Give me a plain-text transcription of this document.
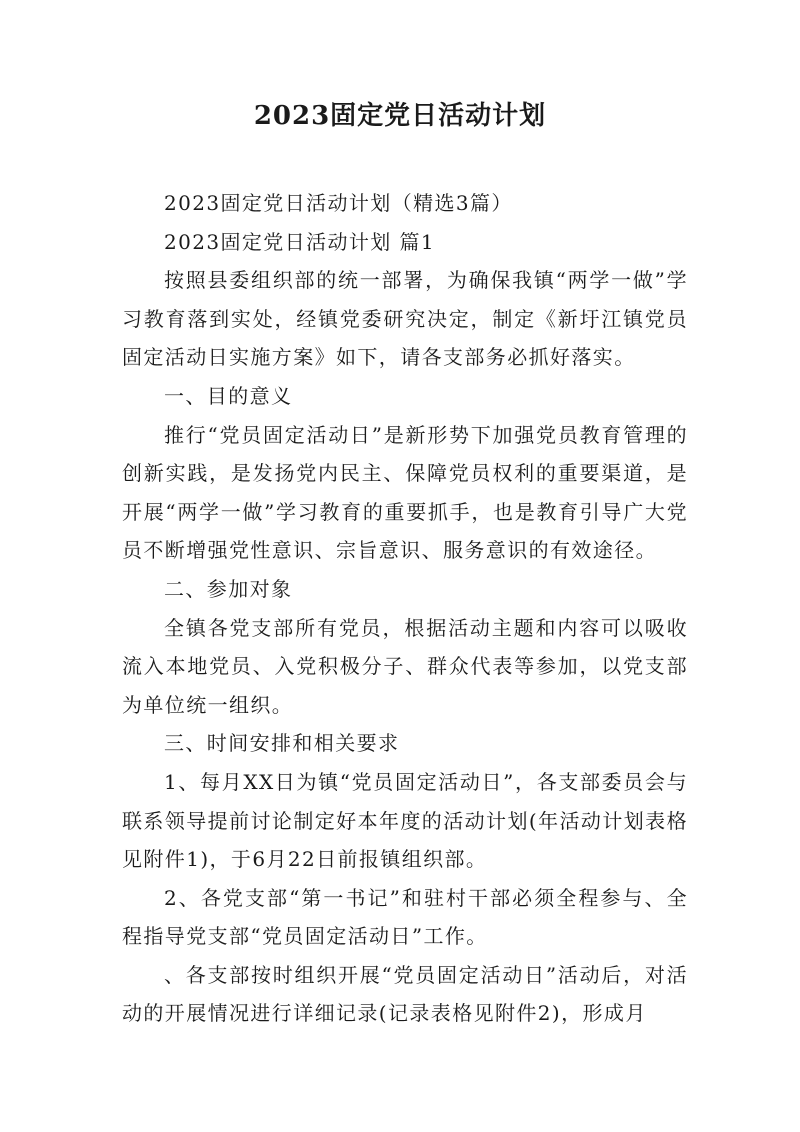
2023固定党日活动计划

2023固定党日活动计划（精选3篇）

2023固定党日活动计划 篇1

按照县委组织部的统一部署，为确保我镇“两学一做”学习教育落到实处，经镇党委研究决定，制定《新圩江镇党员固定活动日实施方案》如下，请各支部务必抓好落实。

一、目的意义

推行“党员固定活动日”是新形势下加强党员教育管理的创新实践，是发扬党内民主、保障党员权利的重要渠道，是开展“两学一做”学习教育的重要抓手，也是教育引导广大党员不断增强党性意识、宗旨意识、服务意识的有效途径。

二、参加对象

全镇各党支部所有党员，根据活动主题和内容可以吸收流入本地党员、入党积极分子、群众代表等参加，以党支部为单位统一组织。

三、时间安排和相关要求

1、每月XX日为镇“党员固定活动日”，各支部委员会与联系领导提前讨论制定好本年度的活动计划(年活动计划表格见附件1)，于6月22日前报镇组织部。

2、各党支部“第一书记”和驻村干部必须全程参与、全程指导党支部“党员固定活动日”工作。

、各支部按时组织开展“党员固定活动日”活动后，对活动的开展情况进行详细记录(记录表格见附件2)，形成月
